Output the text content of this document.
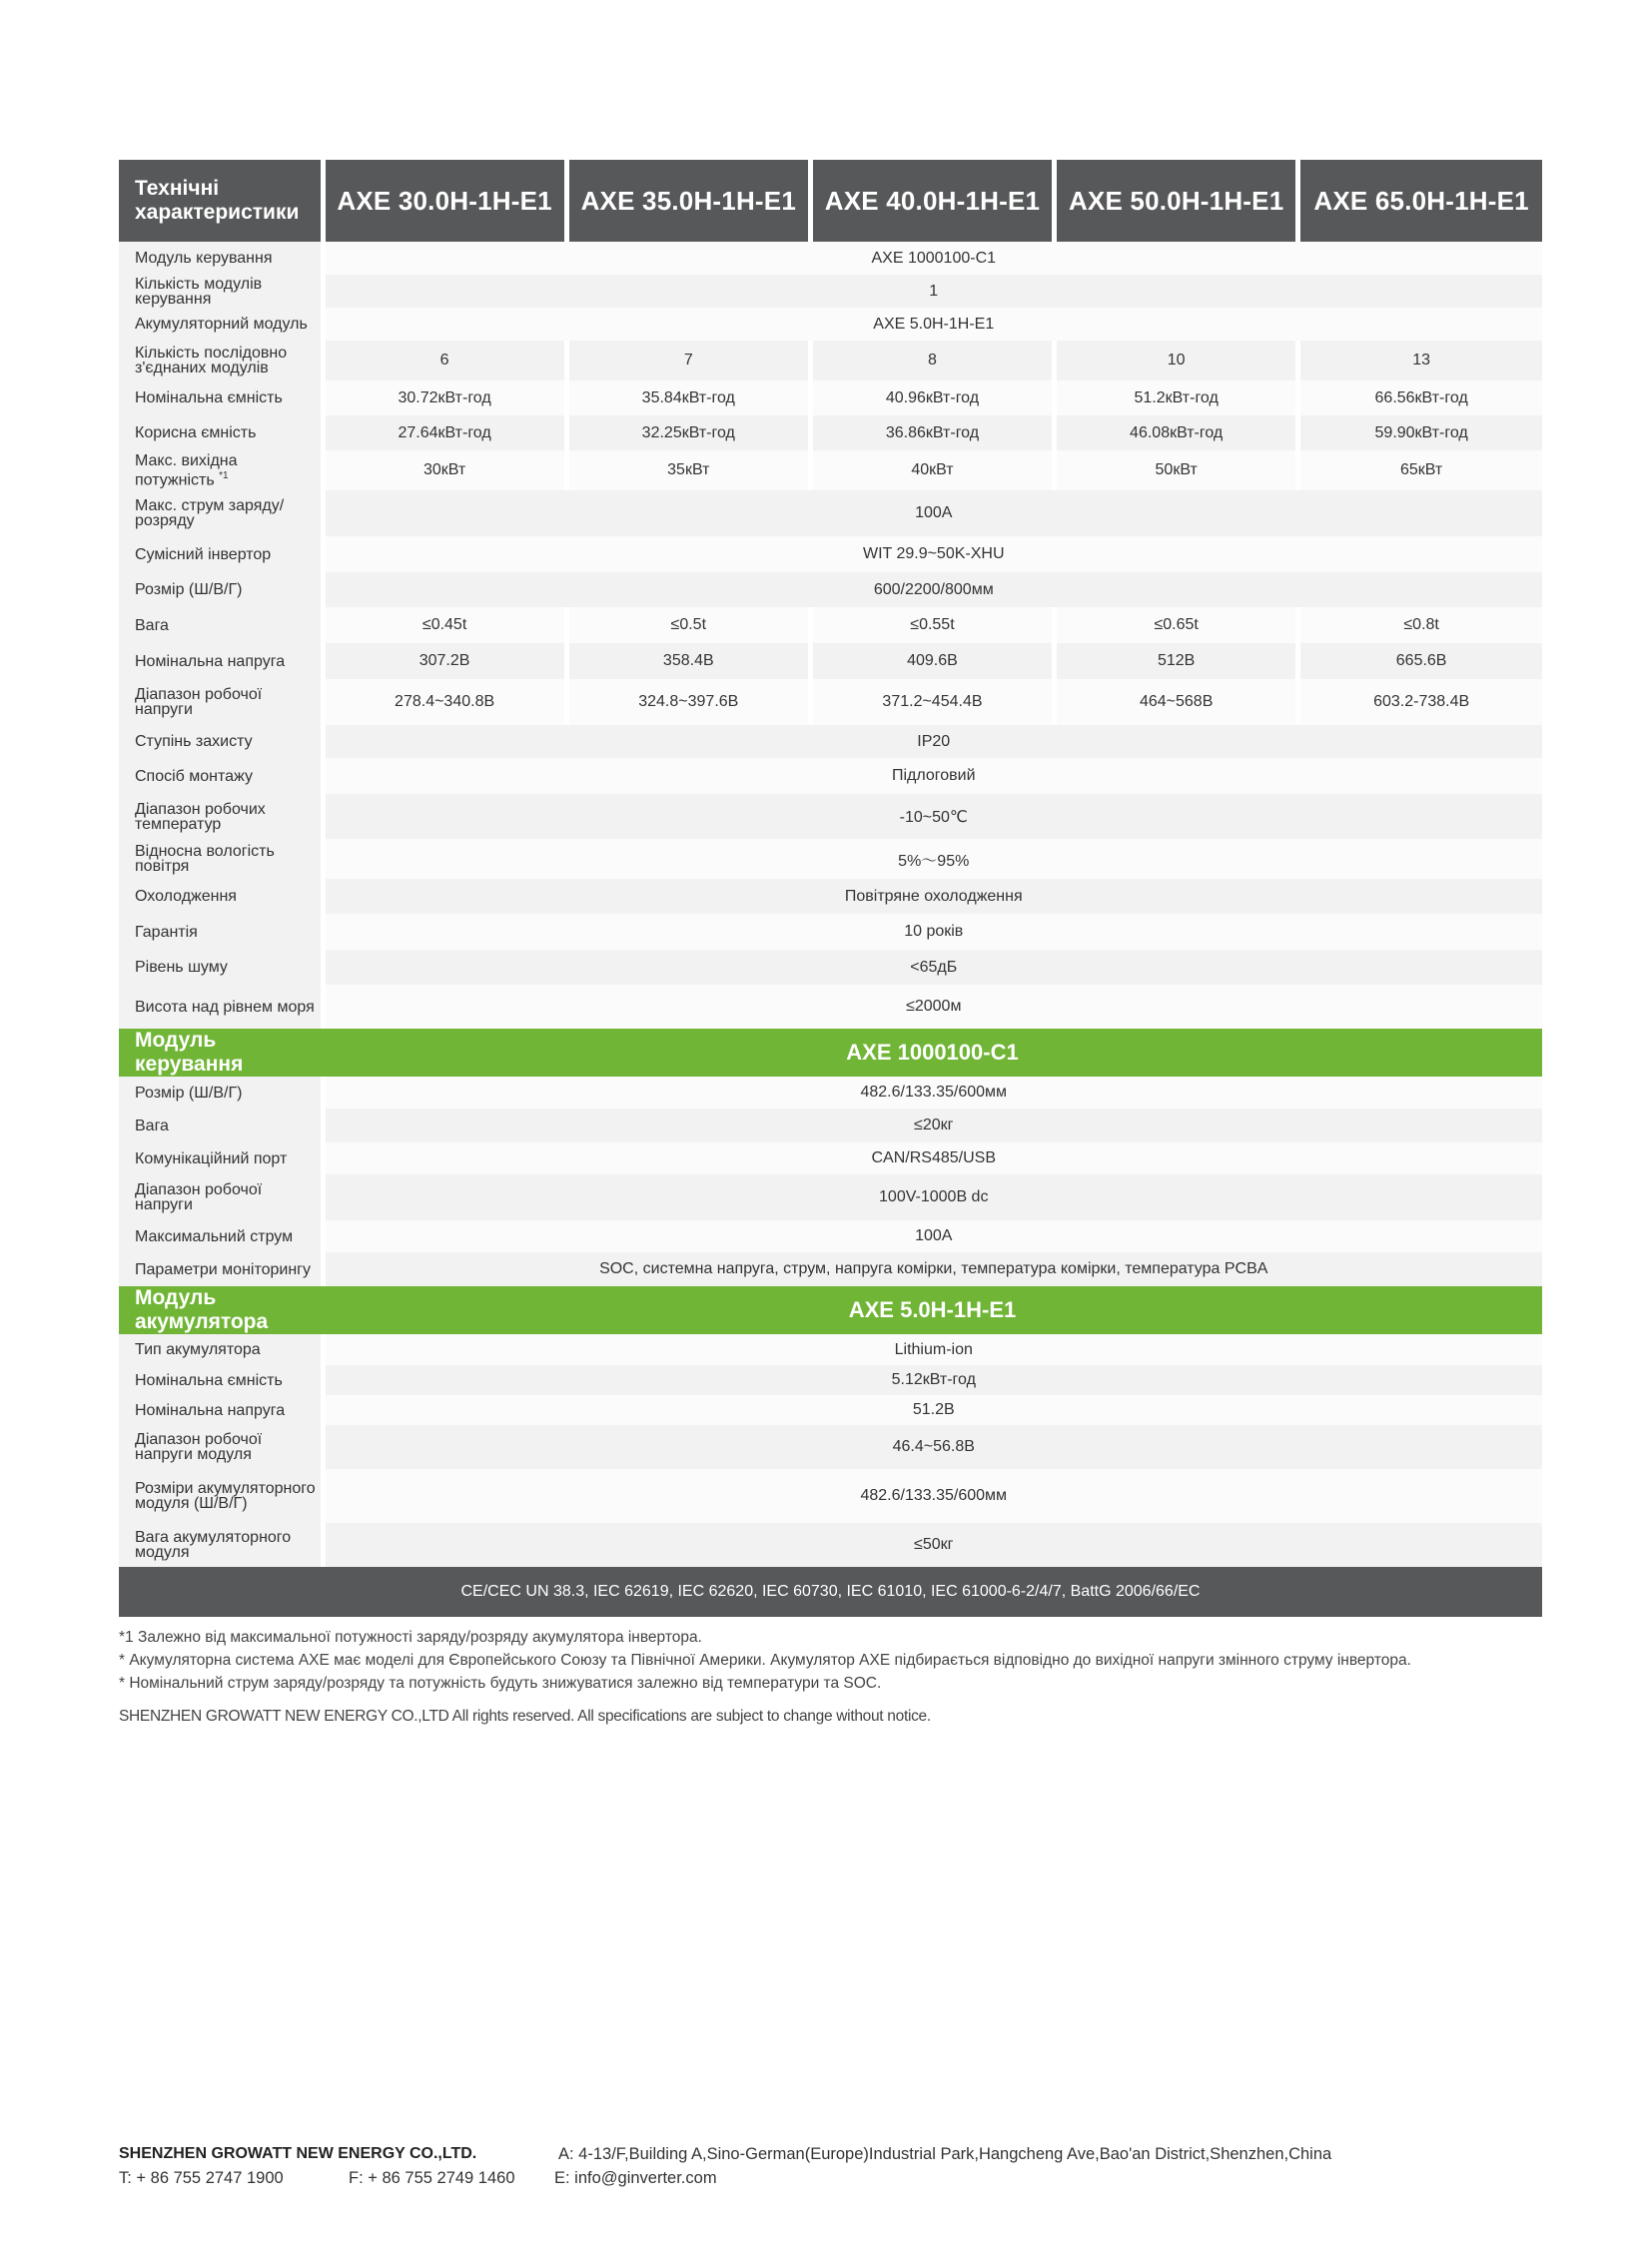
Технічні характеристики	AXE 30.0H-1H-E1	AXE 35.0H-1H-E1	AXE 40.0H-1H-E1	AXE 50.0H-1H-E1	AXE 65.0H-1H-E1
Модуль керування	AXE 1000100-C1				
Кількість модулів керування	1				
Акумуляторний модуль	AXE 5.0H-1H-E1				
Кількість послідовно з'єднаних модулів	6	7	8	10	13
Номінальна ємність	30.72кВт-год	35.84кВт-год	40.96кВт-год	51.2кВт-год	66.56кВт-год
Корисна ємність	27.64кВт-год	32.25кВт-год	36.86кВт-год	46.08кВт-год	59.90кВт-год
Макс. вихідна потужність $^{*1}$	30кВт	35кВт	40кВт	50кВт	65кВт
Макс. струм заряду/розряду	100A				
Сумісний інвертор	WIT 29.9~50K-XHU				
Розмір (Ш/В/Г)	600/2200/800мм				
Вага	≤0.45t	≤0.5t	≤0.55t	≤0.65t	≤0.8t
Номінальна напруга	307.2В	358.4В	409.6В	512В	665.6В
Діапазон робочої напруги	278.4~340.8В	324.8~397.6В	371.2~454.4В	464~568В	603.2-738.4В
Ступінь захисту	IP20				
Спосіб монтажу	Підлоговий				
Діапазон робочих температур	-10~50℃				
Відносна вологість повітря	5%～95%				
Охолодження	Повітряне охолодження				
Гарантія	10 років				
Рівень шуму	<65дБ				
Висота над рівнем моря	≤2000м				
Модуль керування	AXE 1000100-C1				
Розмір (Ш/В/Г)	482.6/133.35/600мм				
Вага	≤20кг				
Комунікаційний порт	CAN/RS485/USB				
Діапазон робочої напруги	100V-1000В dc				
Максимальний струм	100A				
Параметри моніторингу	SOC, системна напруга, струм, напруга комірки, температура комірки, температура PCBA				
Модуль акумулятора	AXE 5.0H-1H-E1				
Тип акумулятора	Lithium-ion				
Номінальна ємність	5.12кВт-год				
Номінальна напруга	51.2В				
Діапазон робочої напруги модуля	46.4~56.8В				
Розміри акумуляторного модуля (Ш/В/Г)	482.6/133.35/600мм				
Вага акумуляторного модуля	≤50кг				
CE/CEC UN 38.3, IEC 62619, IEC 62620, IEC 60730, IEC 61010, IEC 61000-6-2/4/7, BattG 2006/66/EC					
*1 Залежно від максимальної потужності заряду/розряду акумулятора інвертора.
* Акумуляторна система AXE має моделі для Європейського Союзу та Північної Америки. Акумулятор AXE підбирається відповідно до вихідної напруги змінного струму інвертора.
* Номінальний струм заряду/розряду та потужність будуть знижуватися залежно від температури та SOC.
SHENZHEN GROWATT NEW ENERGY CO.,LTD All rights reserved. All specifications are subject to change without notice.
SHENZHEN GROWATT NEW ENERGY CO.,LTD.	A: 4-13/F,Building A,Sino-German(Europe)Industrial Park,Hangcheng Ave,Bao'an District,Shenzhen,China
T: + 86 755 2747 1900	F: + 86 755 2749 1460 E: info@ginverter.com
